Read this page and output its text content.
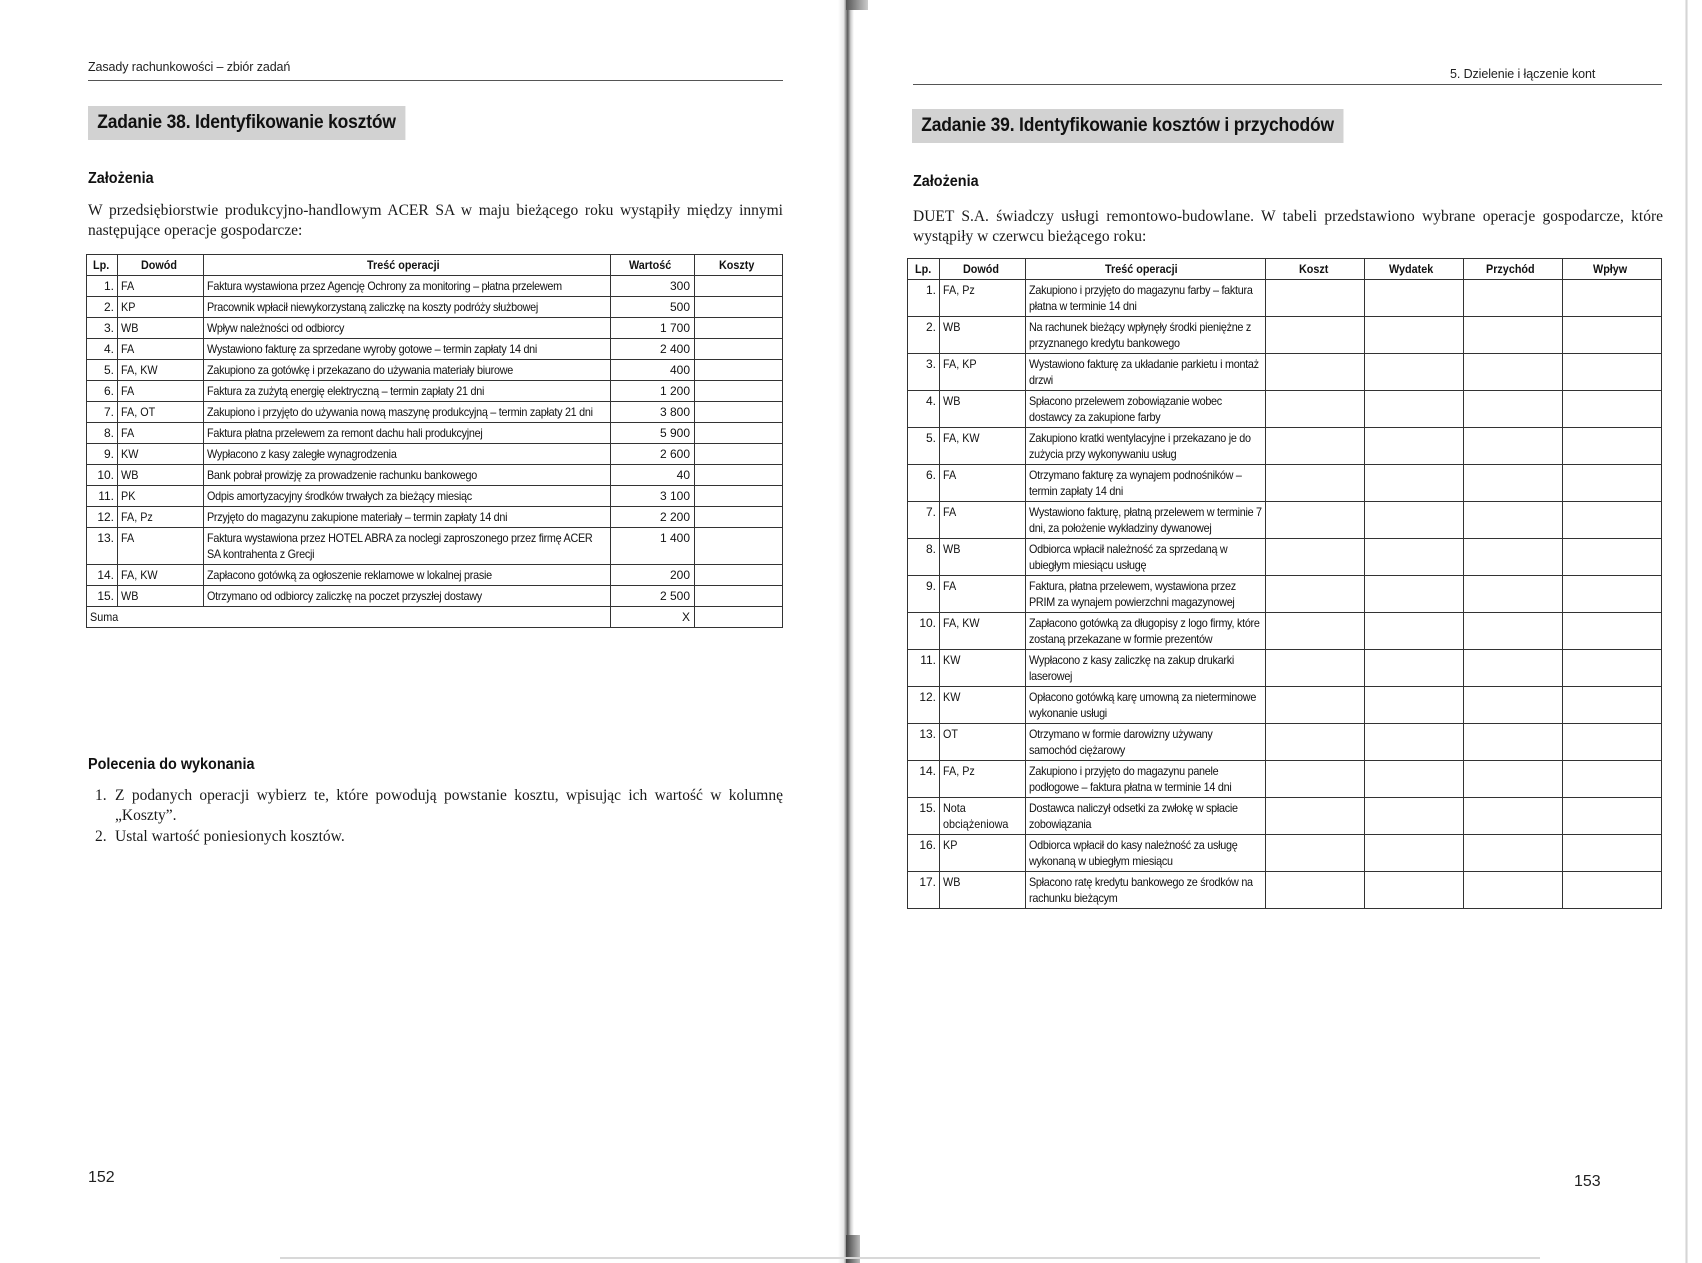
Zasady rachunkowości – zbiór zadań
Zadanie 38. Identyfikowanie kosztów
Założenia
W przedsiębiorstwie produkcyjno-handlowym ACER SA w maju bieżącego roku wystąpiły między innymi następujące operacje gospodarcze:
Lp.	Dowód	Treść operacji	Wartość	Koszty
1.	FA	Faktura wystawiona przez Agencję Ochrony za monitoring – płatna przelewem	300	
2.	KP	Pracownik wpłacił niewykorzystaną zaliczkę na koszty podróży służbowej	500	
3.	WB	Wpływ należności od odbiorcy	1 700	
4.	FA	Wystawiono fakturę za sprzedane wyroby gotowe – termin zapłaty 14 dni	2 400	
5.	FA, KW	Zakupiono za gotówkę i przekazano do używania materiały biurowe	400	
6.	FA	Faktura za zużytą energię elektryczną – termin zapłaty 21 dni	1 200	
7.	FA, OT	Zakupiono i przyjęto do używania nową maszynę produkcyjną – termin zapłaty 21 dni	3 800	
8.	FA	Faktura płatna przelewem za remont dachu hali produkcyjnej	5 900	
9.	KW	Wypłacono z kasy zaległe wynagrodzenia	2 600	
10.	WB	Bank pobrał prowizję za prowadzenie rachunku bankowego	40	
11.	PK	Odpis amortyzacyjny środków trwałych za bieżący miesiąc	3 100	
12.	FA, Pz	Przyjęto do magazynu zakupione materiały – termin zapłaty 14 dni	2 200	
13.	FA	Faktura wystawiona przez HOTEL ABRA za noclegi zaproszonego przez firmę ACER SA kontrahenta z Grecji	1 400	
14.	FA, KW	Zapłacono gotówką za ogłoszenie reklamowe w lokalnej prasie	200	
15.	WB	Otrzymano od odbiorcy zaliczkę na poczet przyszłej dostawy	2 500	
Suma			X	
Polecenia do wykonania
1. Z podanych operacji wybierz te, które powodują powstanie kosztu, wpisując ich wartość w kolumnę „Koszty”.
2. Ustal wartość poniesionych kosztów.
152
5. Dzielenie i łączenie kont
Zadanie 39. Identyfikowanie kosztów i przychodów
Założenia
DUET S.A. świadczy usługi remontowo-budowlane. W tabeli przedstawiono wybrane operacje gospodarcze, które wystąpiły w czerwcu bieżącego roku:
Lp.	Dowód	Treść operacji	Koszt	Wydatek	Przychód	Wpływ
1.	FA, Pz	Zakupiono i przyjęto do magazynu farby – faktura płatna w terminie 14 dni				

2.	WB	Na rachunek bieżący wpłynęły środki pieniężne z przyznanego kredytu bankowego				

3.	FA, KP	Wystawiono fakturę za układanie parkietu i montaż drzwi				

4.	WB	Spłacono przelewem zobowiązanie wobec dostawcy za zakupione farby				

5.	FA, KW	Zakupiono kratki wentylacyjne i przekazano je do zużycia przy wykonywaniu usług				

6.	FA	Otrzymano fakturę za wynajem podnośników – termin zapłaty 14 dni				

7.	FA	Wystawiono fakturę, płatną przelewem w terminie 7 dni, za położenie wykładziny dywanowej				

8.	WB	Odbiorca wpłacił należność za sprzedaną w ubiegłym miesiącu usługę				

9.	FA	Faktura, płatna przelewem, wystawiona przez PRIM za wynajem powierzchni magazynowej				

10.	FA, KW	Zapłacono gotówką za długopisy z logo firmy, które zostaną przekazane w formie prezentów				

11.	KW	Wypłacono z kasy zaliczkę na zakup drukarki laserowej				

12.	KW	Opłacono gotówką karę umowną za nieterminowe wykonanie usługi				

13.	OT	Otrzymano w formie darowizny używany samochód ciężarowy				

14.	FA, Pz	Zakupiono i przyjęto do magazynu panele podłogowe – faktura płatna w terminie 14 dni				

15.	Nota obciążeniowa	Dostawca naliczył odsetki za zwłokę w spłacie zobowiązania				

16.	KP	Odbiorca wpłacił do kasy należność za usługę wykonaną w ubiegłym miesiącu				

17.	WB	Spłacono ratę kredytu bankowego ze środków na rachunku bieżącym				

153
